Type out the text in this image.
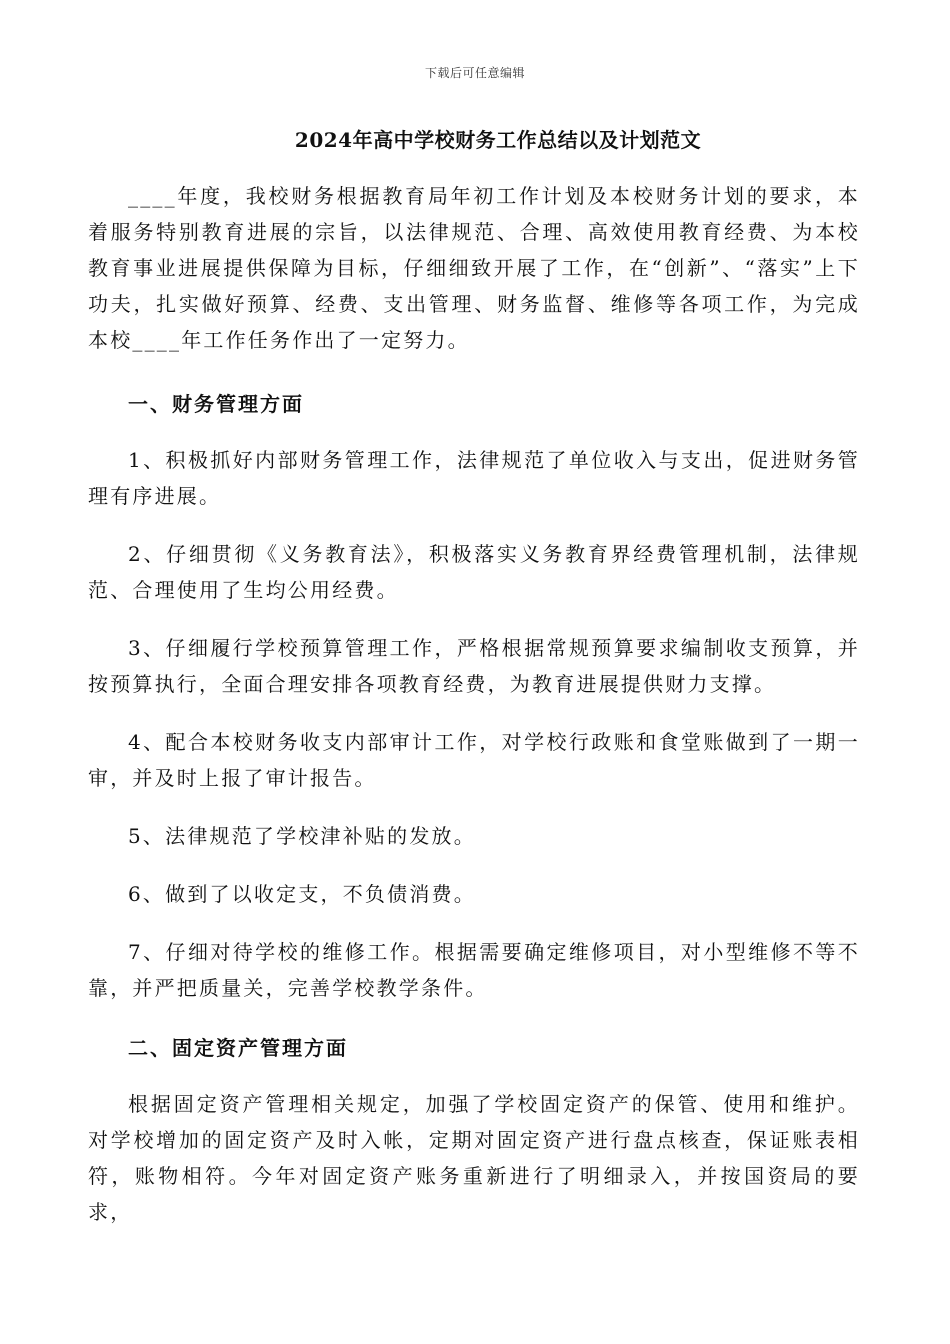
下载后可任意编辑
2024年高中学校财务工作总结以及计划范文

____年度，我校财务根据教育局年初工作计划及本校财务计划的要求，本着服务特别教育进展的宗旨，以法律规范、合理、高效使用教育经费、为本校教育事业进展提供保障为目标，仔细细致开展了工作，在“创新”、“落实”上下功夫，扎实做好预算、经费、支出管理、财务监督、维修等各项工作，为完成本校____年工作任务作出了一定努力。

一、财务管理方面

1、积极抓好内部财务管理工作，法律规范了单位收入与支出，促进财务管理有序进展。

2、仔细贯彻《义务教育法》，积极落实义务教育界经费管理机制，法律规范、合理使用了生均公用经费。

3、仔细履行学校预算管理工作，严格根据常规预算要求编制收支预算，并按预算执行，全面合理安排各项教育经费，为教育进展提供财力支撑。

4、配合本校财务收支内部审计工作，对学校行政账和食堂账做到了一期一审，并及时上报了审计报告。

5、法律规范了学校津补贴的发放。

6、做到了以收定支，不负债消费。

7、仔细对待学校的维修工作。根据需要确定维修项目，对小型维修不等不靠，并严把质量关，完善学校教学条件。

二、固定资产管理方面

根据固定资产管理相关规定，加强了学校固定资产的保管、使用和维护。对学校增加的固定资产及时入帐，定期对固定资产进行盘点核查，保证账表相符，账物相符。今年对固定资产账务重新进行了明细录入，并按国资局的要求，
